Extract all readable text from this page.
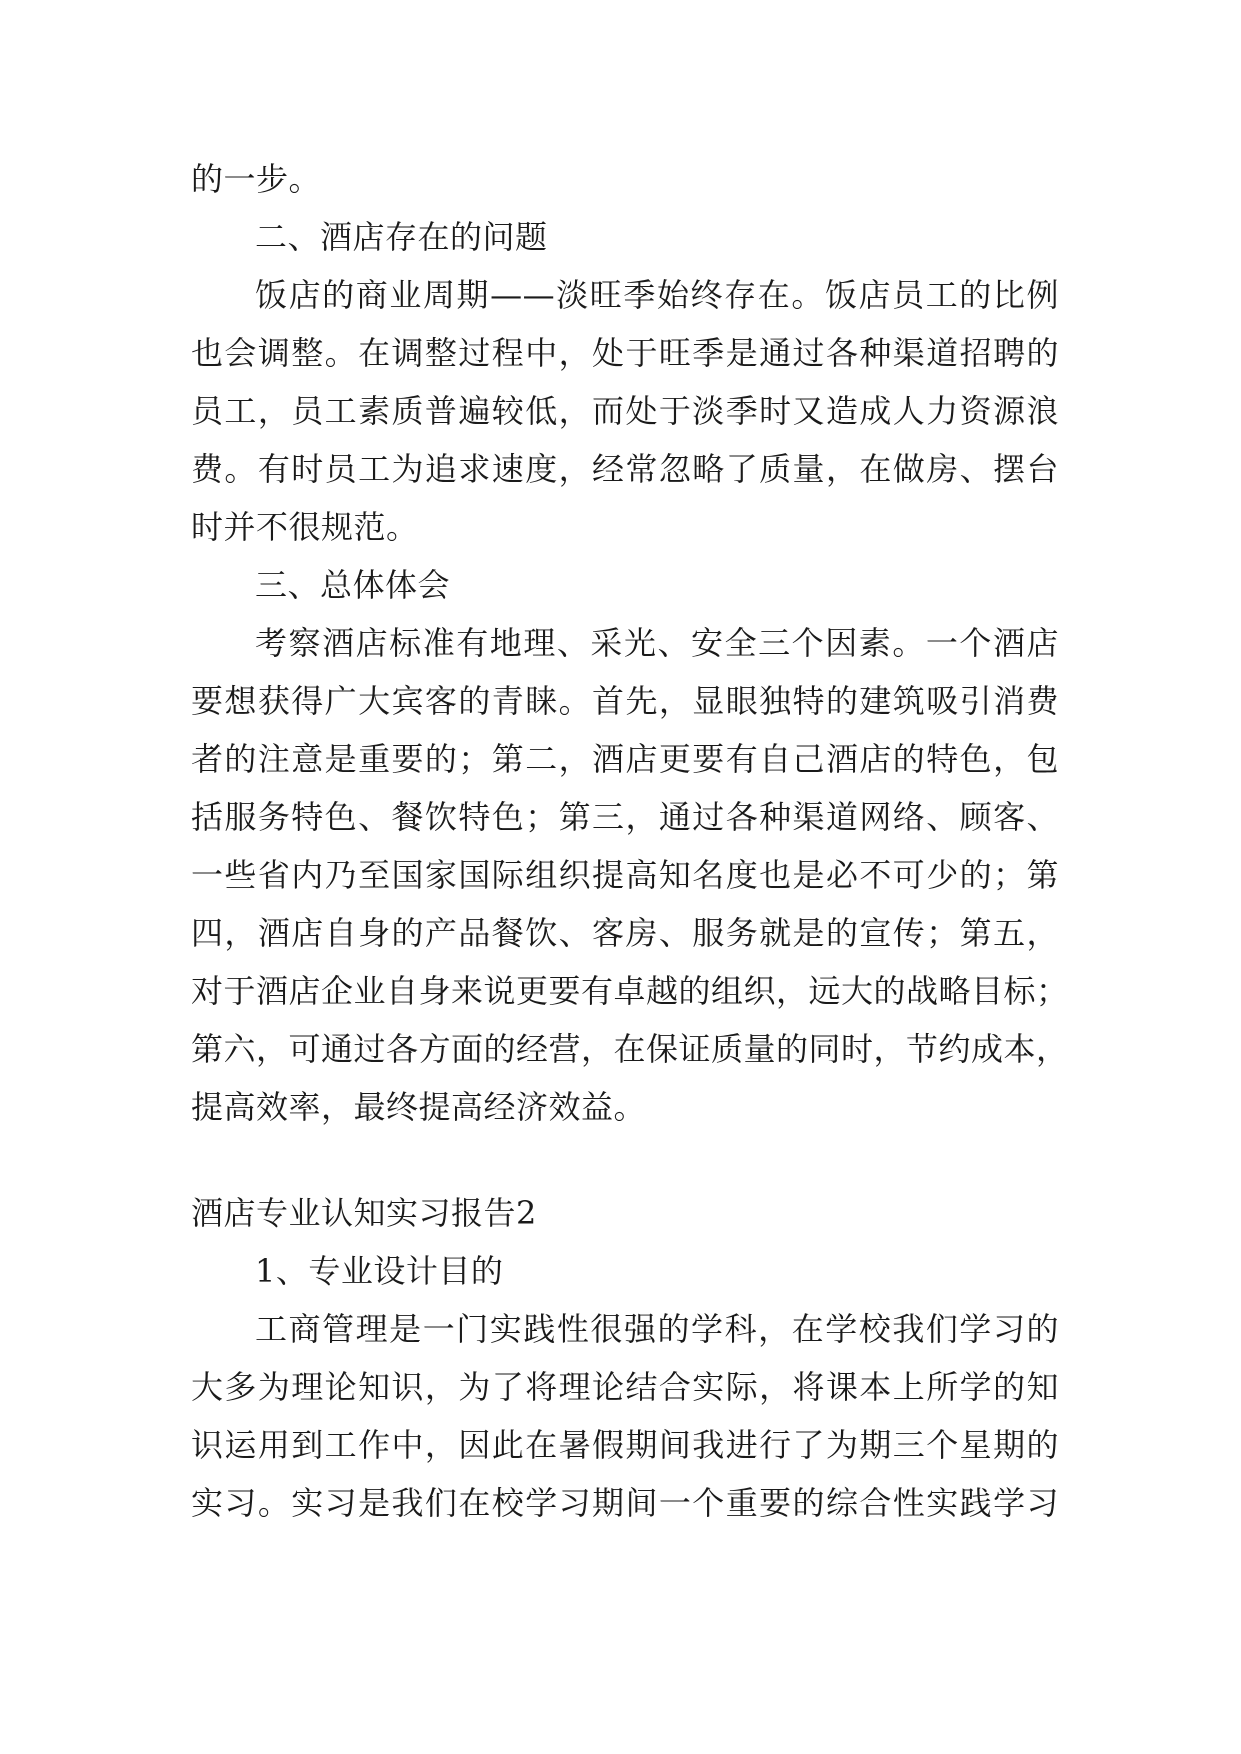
的一步。
二、酒店存在的问题
饭店的商业周期——淡旺季始终存在。饭店员工的比例
也会调整。在调整过程中，处于旺季是通过各种渠道招聘的
员工，员工素质普遍较低，而处于淡季时又造成人力资源浪
费。有时员工为追求速度，经常忽略了质量，在做房、摆台
时并不很规范。
三、总体体会
考察酒店标准有地理、采光、安全三个因素。一个酒店
要想获得广大宾客的青睐。首先，显眼独特的建筑吸引消费
者的注意是重要的；第二，酒店更要有自己酒店的特色，包
括服务特色、餐饮特色；第三，通过各种渠道网络、顾客、
一些省内乃至国家国际组织提高知名度也是必不可少的；第
四，酒店自身的产品餐饮、客房、服务就是的宣传；第五，
对于酒店企业自身来说更要有卓越的组织，远大的战略目标；
第六，可通过各方面的经营，在保证质量的同时，节约成本，
提高效率，最终提高经济效益。
酒店专业认知实习报告2
1、专业设计目的
工商管理是一门实践性很强的学科，在学校我们学习的
大多为理论知识，为了将理论结合实际，将课本上所学的知
识运用到工作中，因此在暑假期间我进行了为期三个星期的
实习。实习是我们在校学习期间一个重要的综合性实践学习
